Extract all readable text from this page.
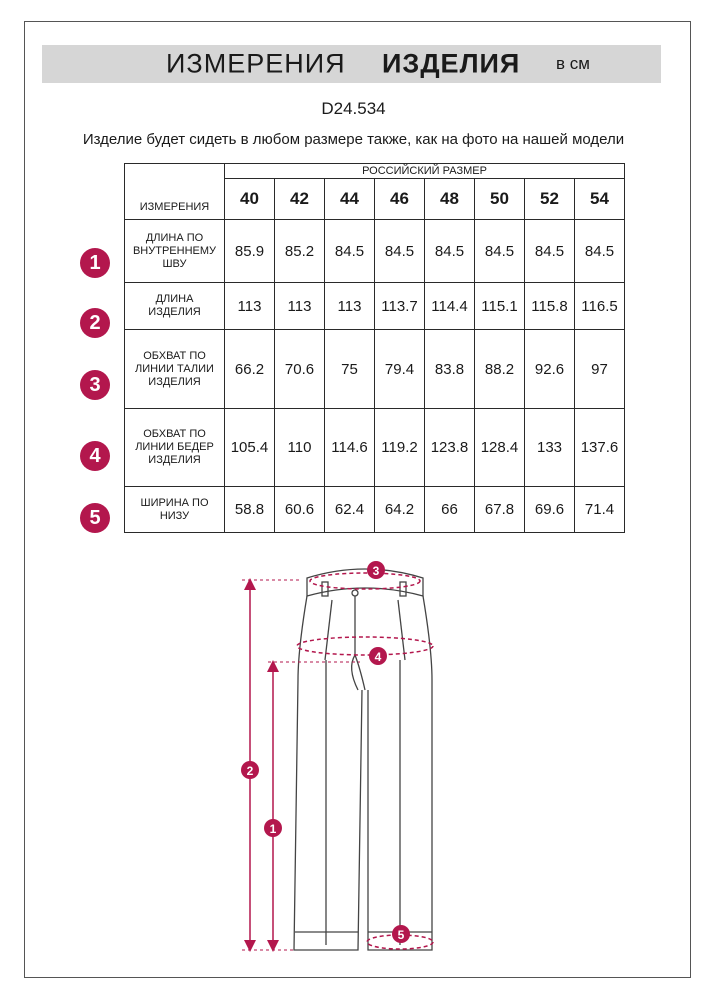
ИЗМЕРЕНИЯ ИЗДЕЛИЯ в см
D24.534
Изделие будет сидеть в любом размере также, как на фото на нашей модели
ИЗМЕРЕНИЯ	РОССИЙСКИЙ РАЗМЕР							
	40	42	44	46	48	50	52	54
ДЛИНА ПО
ВНУТРЕННЕМУ
ШВУ	85.9	85.2	84.5	84.5	84.5	84.5	84.5	84.5
ДЛИНА
ИЗДЕЛИЯ	113	113	113	113.7	114.4	115.1	115.8	116.5
ОБХВАТ ПО
ЛИНИИ ТАЛИИ
ИЗДЕЛИЯ	66.2	70.6	75	79.4	83.8	88.2	92.6	97
ОБХВАТ ПО
ЛИНИИ БЕДЕР
ИЗДЕЛИЯ	105.4	110	114.6	119.2	123.8	128.4	133	137.6
ШИРИНА ПО
НИЗУ	58.8	60.6	62.4	64.2	66	67.8	69.6	71.4
1
2
3
4
5
3
4
2
1
5
